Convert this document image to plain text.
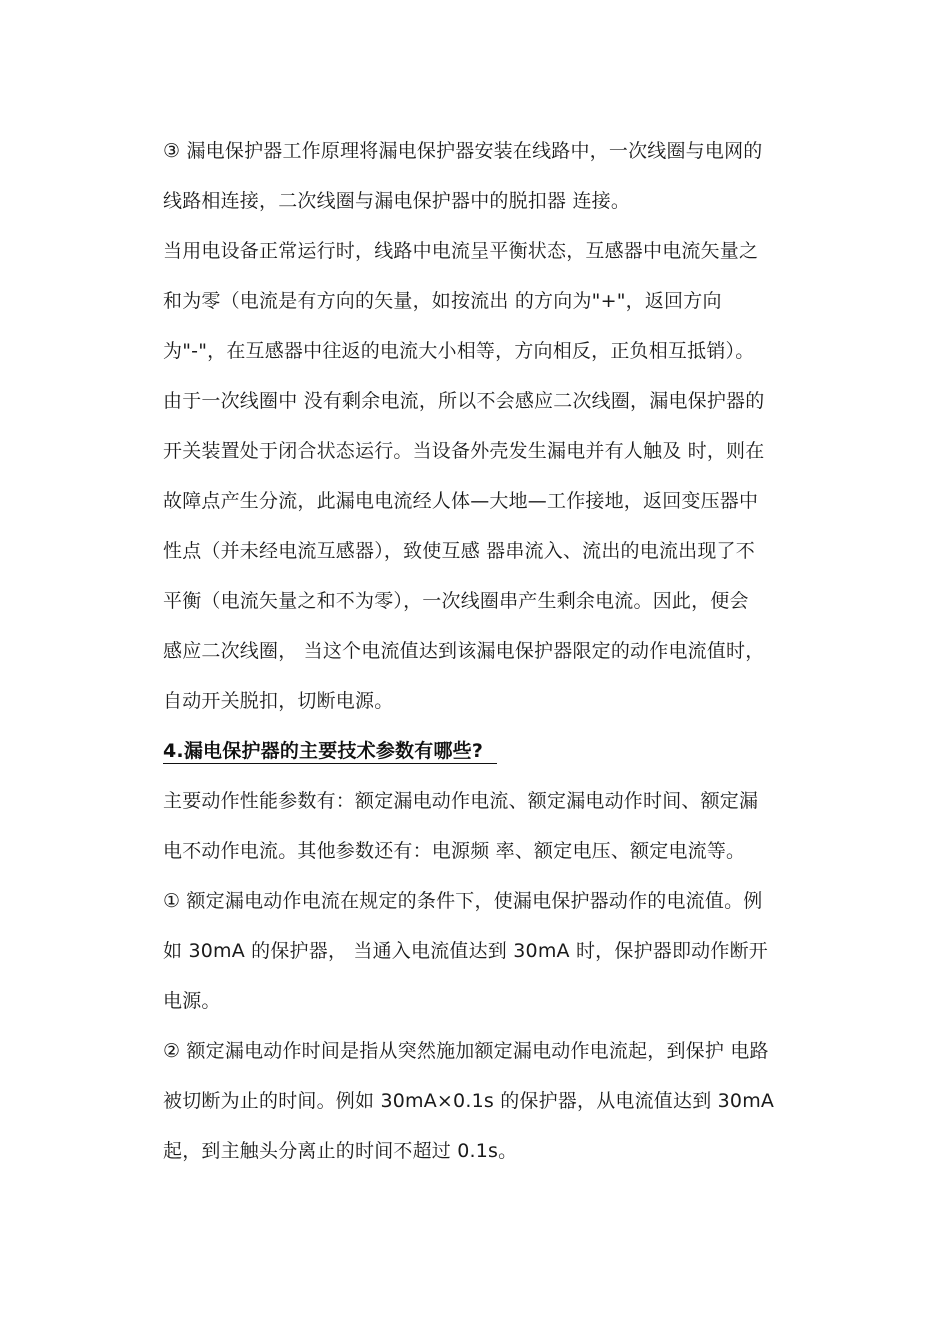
③ 漏电保护器工作原理将漏电保护器安装在线路中，一次线圈与电网的
线路相连接，二次线圈与漏电保护器中的脱扣器 连接。
当用电设备正常运行时，线路中电流呈平衡状态，互感器中电流矢量之
和为零（电流是有方向的矢量，如按流出 的方向为"+"，返回方向
为"-"，在互感器中往返的电流大小相等，方向相反，正负相互抵销）。
由于一次线圈中 没有剩余电流，所以不会感应二次线圈，漏电保护器的
开关装置处于闭合状态运行。当设备外壳发生漏电并有人触及 时，则在
故障点产生分流，此漏电电流经人体—大地—工作接地，返回变压器中
性点（并未经电流互感器），致使互感 器串流入、流出的电流出现了不
平衡（电流矢量之和不为零），一次线圈串产生剩余电流。因此，便会
感应二次线圈， 当这个电流值达到该漏电保护器限定的动作电流值时，
自动开关脱扣，切断电源。
4.漏电保护器的主要技术参数有哪些?
主要动作性能参数有：额定漏电动作电流、额定漏电动作时间、额定漏
电不动作电流。其他参数还有：电源频 率、额定电压、额定电流等。
① 额定漏电动作电流在规定的条件下，使漏电保护器动作的电流值。例
如 30mA 的保护器， 当通入电流值达到 30mA 时，保护器即动作断开
电源。
② 额定漏电动作时间是指从突然施加额定漏电动作电流起，到保护 电路
被切断为止的时间。例如 30mA×0.1s 的保护器，从电流值达到 30mA
起，到主触头分离止的时间不超过 0.1s。
